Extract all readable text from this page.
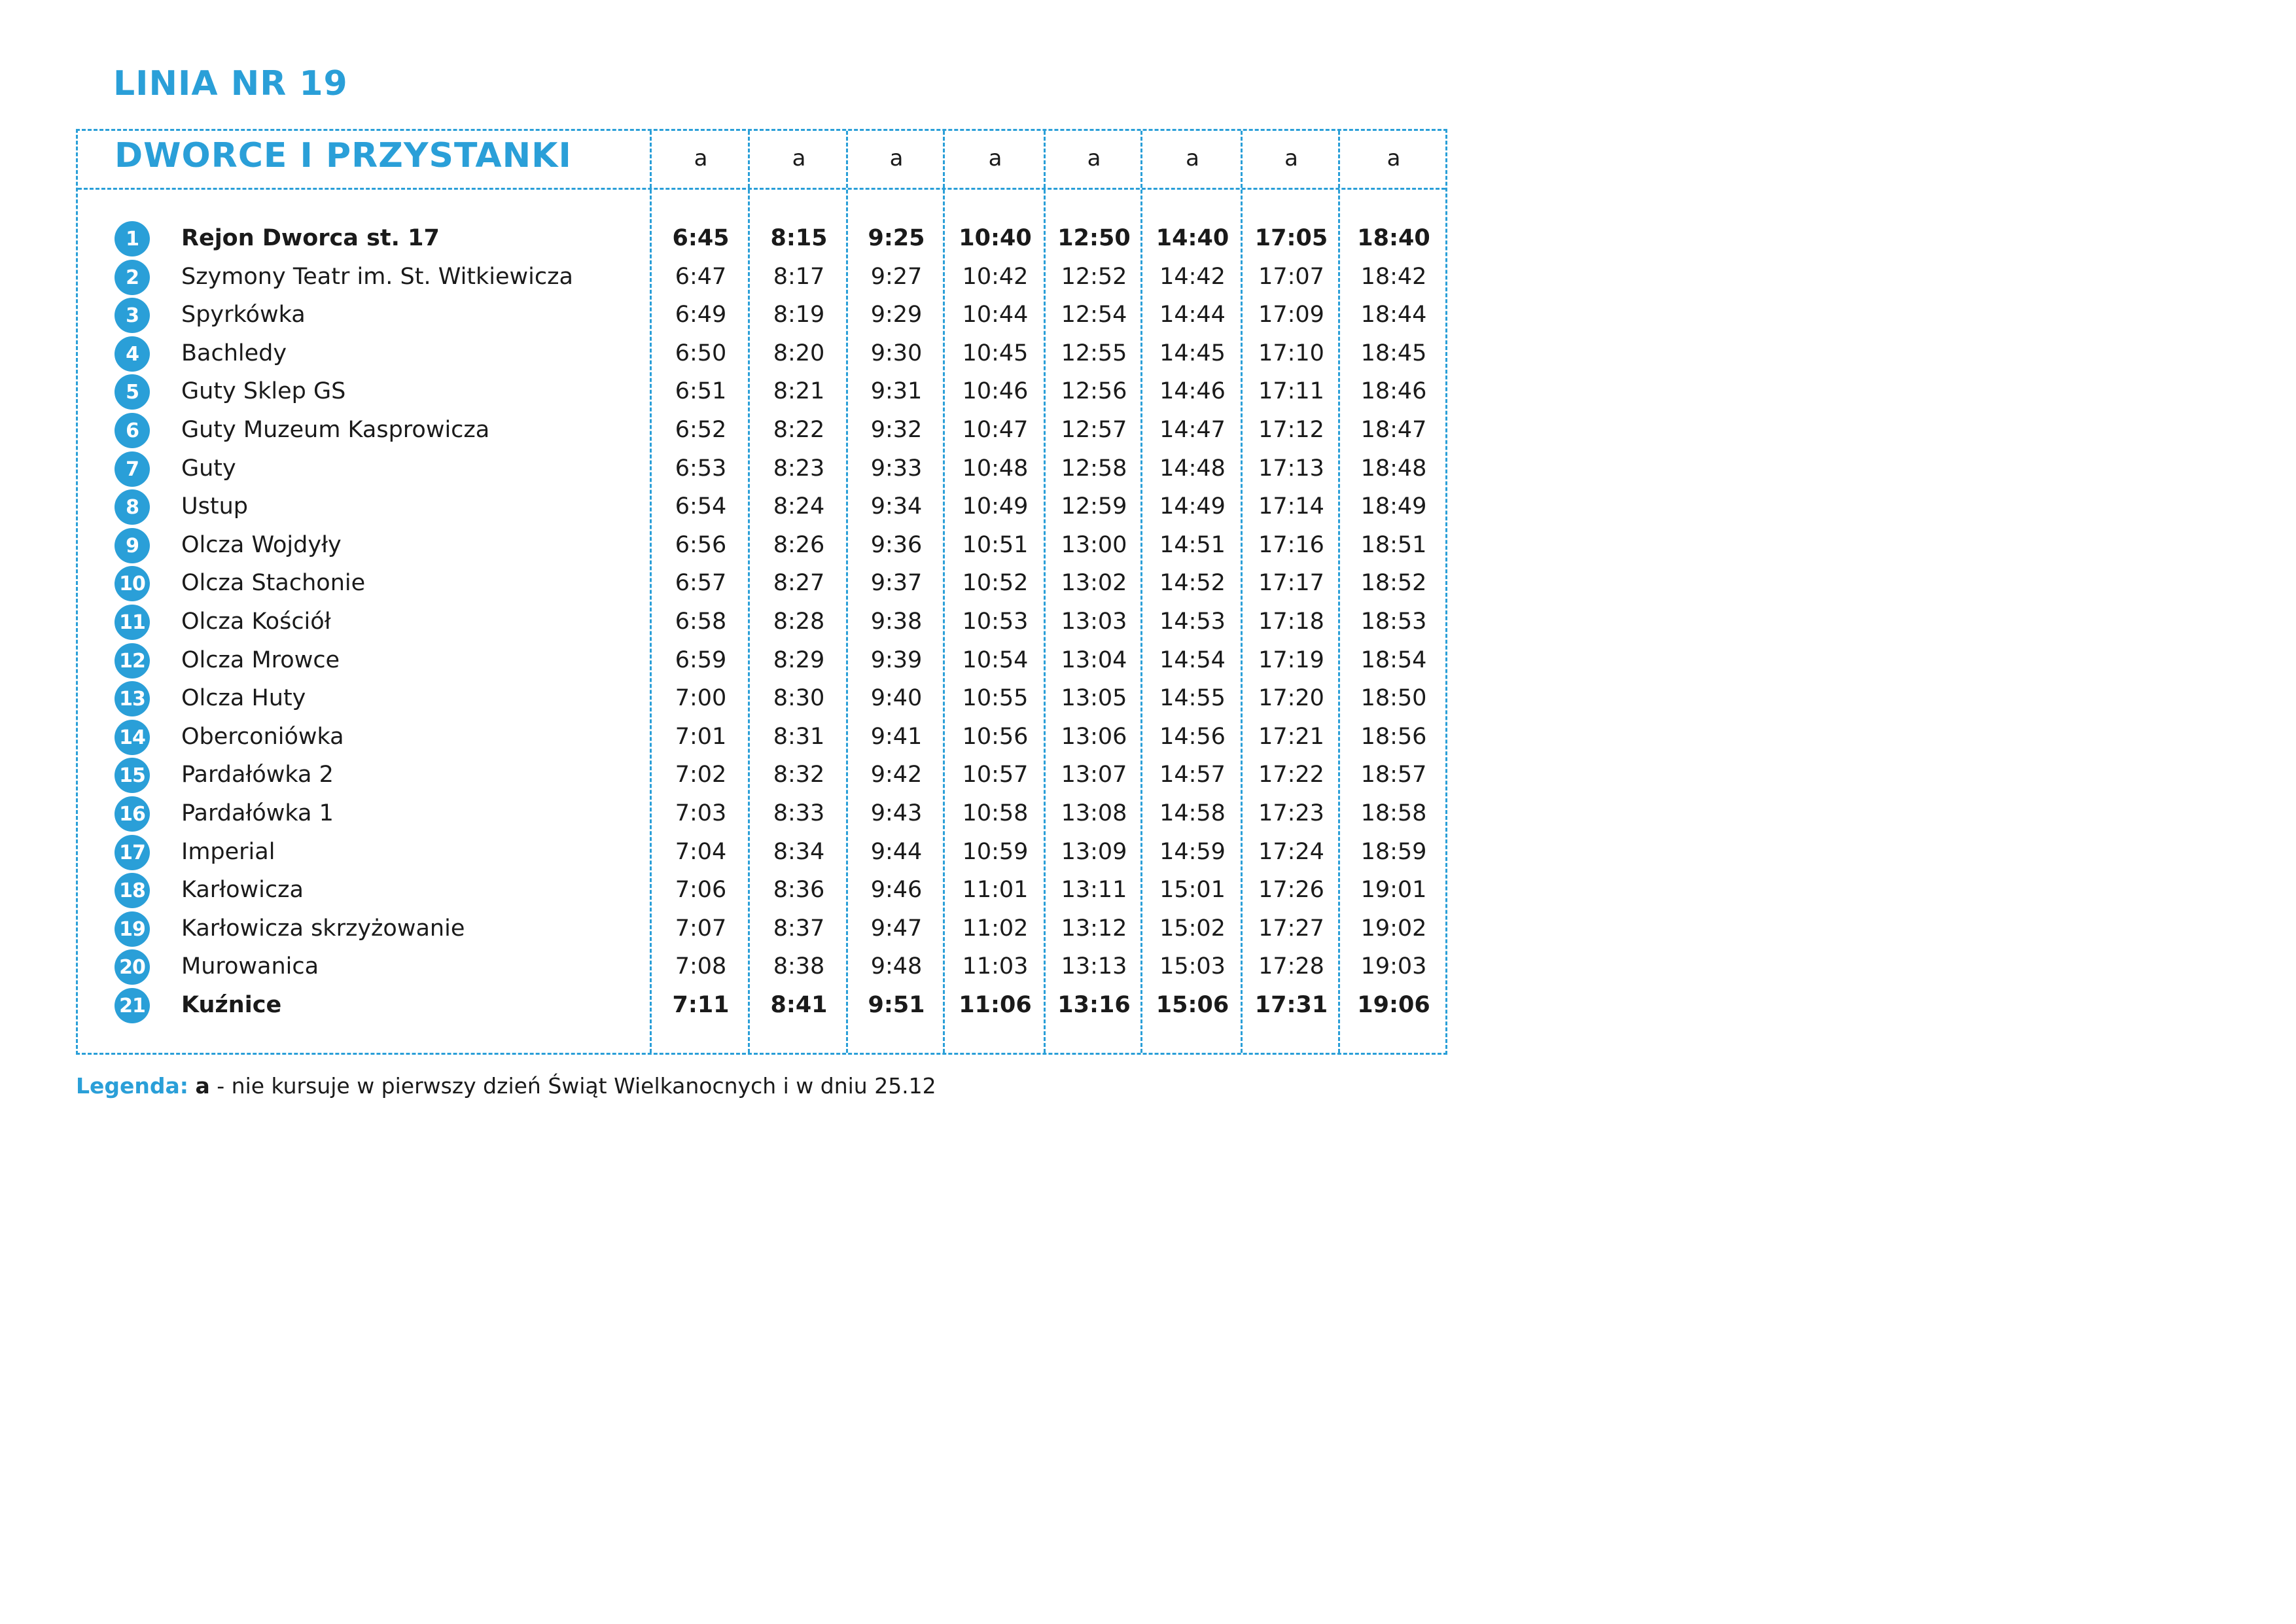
LINIA NR 19
DWORCE I PRZYSTANKI	a	a	a	a	a	a	a	a
1	Rejon Dworca st. 17	6:45	8:15	9:25	10:40	12:50	14:40	17:05	18:40
2	Szymony Teatr im. St. Witkiewicza	6:47	8:17	9:27	10:42	12:52	14:42	17:07	18:42
3	Spyrkówka	6:49	8:19	9:29	10:44	12:54	14:44	17:09	18:44
4	Bachledy	6:50	8:20	9:30	10:45	12:55	14:45	17:10	18:45
5	Guty Sklep GS	6:51	8:21	9:31	10:46	12:56	14:46	17:11	18:46
6	Guty Muzeum Kasprowicza	6:52	8:22	9:32	10:47	12:57	14:47	17:12	18:47
7	Guty	6:53	8:23	9:33	10:48	12:58	14:48	17:13	18:48
8	Ustup	6:54	8:24	9:34	10:49	12:59	14:49	17:14	18:49
9	Olcza Wojdyły	6:56	8:26	9:36	10:51	13:00	14:51	17:16	18:51
10 Olcza Stachonie	6:57	8:27	9:37	10:52	13:02	14:52	17:17	18:52
11 Olcza Kościół	6:58	8:28	9:38	10:53	13:03	14:53	17:18	18:53
12 Olcza Mrowce	6:59	8:29	9:39	10:54	13:04	14:54	17:19	18:54
13 Olcza Huty	7:00	8:30	9:40	10:55	13:05	14:55	17:20	18:50
14 Oberconiówka	7:01	8:31	9:41	10:56	13:06	14:56	17:21	18:56
15 Pardałówka 2	7:02	8:32	9:42	10:57	13:07	14:57	17:22	18:57
16 Pardałówka 1	7:03	8:33	9:43	10:58	13:08	14:58	17:23	18:58
17 Imperial	7:04	8:34	9:44	10:59	13:09	14:59	17:24	18:59
18 Karłowicza	7:06	8:36	9:46	11:01	13:11	15:01	17:26	19:01
19 Karłowicza skrzyżowanie	7:07	8:37	9:47	11:02	13:12	15:02	17:27	19:02
20 Murowanica	7:08	8:38	9:48	11:03	13:13	15:03	17:28	19:03
21 Kuźnice	7:11	8:41	9:51	11:06	13:16	15:06	17:31	19:06
Legenda: a - nie kursuje w pierwszy dzień Świąt Wielkanocnych i w dniu 25.12
